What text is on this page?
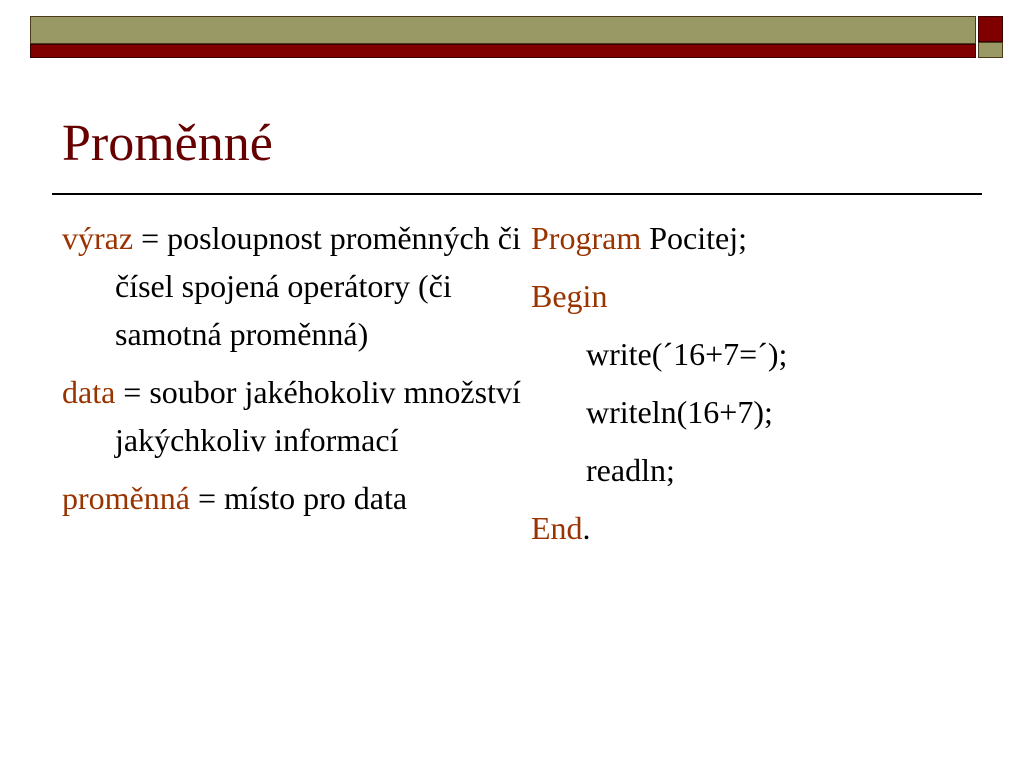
Proměnné

výraz = posloupnost proměnných či čísel spojená operátory (či samotná proměnná)

data = soubor jakéhokoliv množství jakýchkoliv informací

proměnná = místo pro data

Program Pocitej;
Begin
write(´16+7=´);
writeln(16+7);
readln;
End.
